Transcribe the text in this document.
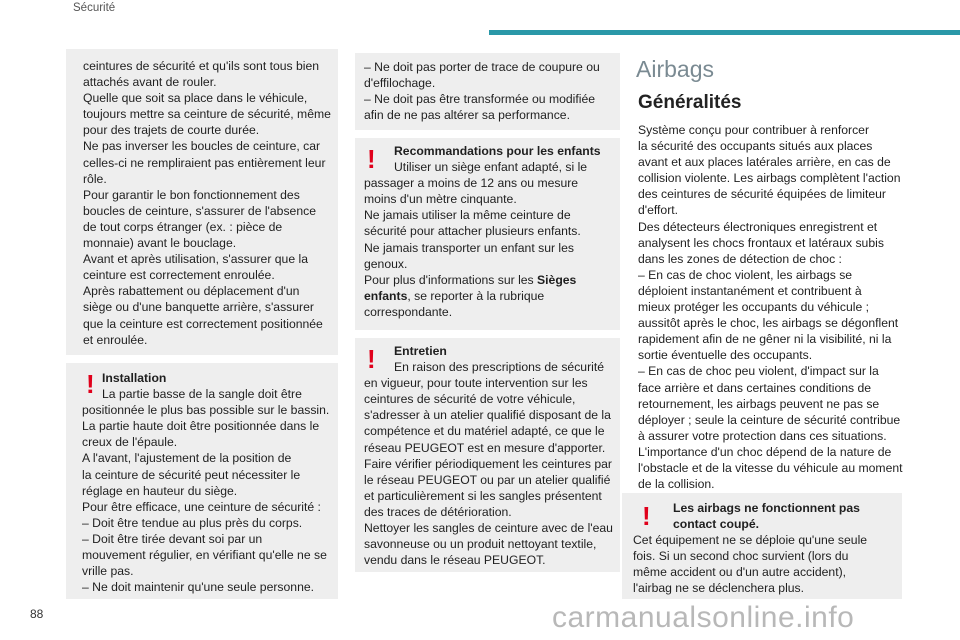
Sécurité

ceintures de sécurité et qu'ils sont tous bien

attachés avant de rouler.

Quelle que soit sa place dans le véhicule,

toujours mettre sa ceinture de sécurité, même

pour des trajets de courte durée.

Ne pas inverser les boucles de ceinture, car

celles-ci ne rempliraient pas entièrement leur

rôle.

Pour garantir le bon fonctionnement des

boucles de ceinture, s'assurer de l'absence

de tout corps étranger (ex. : pièce de

monnaie) avant le bouclage.

Avant et après utilisation, s'assurer que la

ceinture est correctement enroulée.

Après rabattement ou déplacement d'un

siège ou d'une banquette arrière, s'assurer

que la ceinture est correctement positionnée

et enroulée.

! Installation

La partie basse de la sangle doit être

positionnée le plus bas possible sur le bassin.

La partie haute doit être positionnée dans le

creux de l'épaule.

A l'avant, l'ajustement de la position de

la ceinture de sécurité peut nécessiter le

réglage en hauteur du siège.

Pour être efficace, une ceinture de sécurité :

– Doit être tendue au plus près du corps.

– Doit être tirée devant soi par un

mouvement régulier, en vérifiant qu'elle ne se

vrille pas.

– Ne doit maintenir qu'une seule personne.

– Ne doit pas porter de trace de coupure ou

d'effilochage.

– Ne doit pas être transformée ou modifiée

afin de ne pas altérer sa performance.

! Recommandations pour les enfants

Utiliser un siège enfant adapté, si le

passager a moins de 12 ans ou mesure

moins d'un mètre cinquante.

Ne jamais utiliser la même ceinture de

sécurité pour attacher plusieurs enfants.

Ne jamais transporter un enfant sur les

genoux.

Pour plus d'informations sur les Sièges

enfants, se reporter à la rubrique

correspondante.

! Entretien

En raison des prescriptions de sécurité

en vigueur, pour toute intervention sur les

ceintures de sécurité de votre véhicule,

s'adresser à un atelier qualifié disposant de la

compétence et du matériel adapté, ce que le

réseau PEUGEOT est en mesure d'apporter.

Faire vérifier périodiquement les ceintures par

le réseau PEUGEOT ou par un atelier qualifié

et particulièrement si les sangles présentent

des traces de détérioration.

Nettoyer les sangles de ceinture avec de l'eau

savonneuse ou un produit nettoyant textile,

vendu dans le réseau PEUGEOT.

Airbags

Généralités

Système conçu pour contribuer à renforcer

la sécurité des occupants situés aux places

avant et aux places latérales arrière, en cas de

collision violente. Les airbags complètent l'action

des ceintures de sécurité équipées de limiteur

d'effort.

Des détecteurs électroniques enregistrent et

analysent les chocs frontaux et latéraux subis

dans les zones de détection de choc :

– En cas de choc violent, les airbags se

déploient instantanément et contribuent à

mieux protéger les occupants du véhicule ;

aussitôt après le choc, les airbags se dégonflent

rapidement afin de ne gêner ni la visibilité, ni la

sortie éventuelle des occupants.

– En cas de choc peu violent, d'impact sur la

face arrière et dans certaines conditions de

retournement, les airbags peuvent ne pas se

déployer ; seule la ceinture de sécurité contribue

à assurer votre protection dans ces situations.

L'importance d'un choc dépend de la nature de

l'obstacle et de la vitesse du véhicule au moment

de la collision.

! Les airbags ne fonctionnent pas

contact coupé.

Cet équipement ne se déploie qu'une seule

fois. Si un second choc survient (lors du

même accident ou d'un autre accident),

l'airbag ne se déclenchera plus.

88	carmanualsonline.info
